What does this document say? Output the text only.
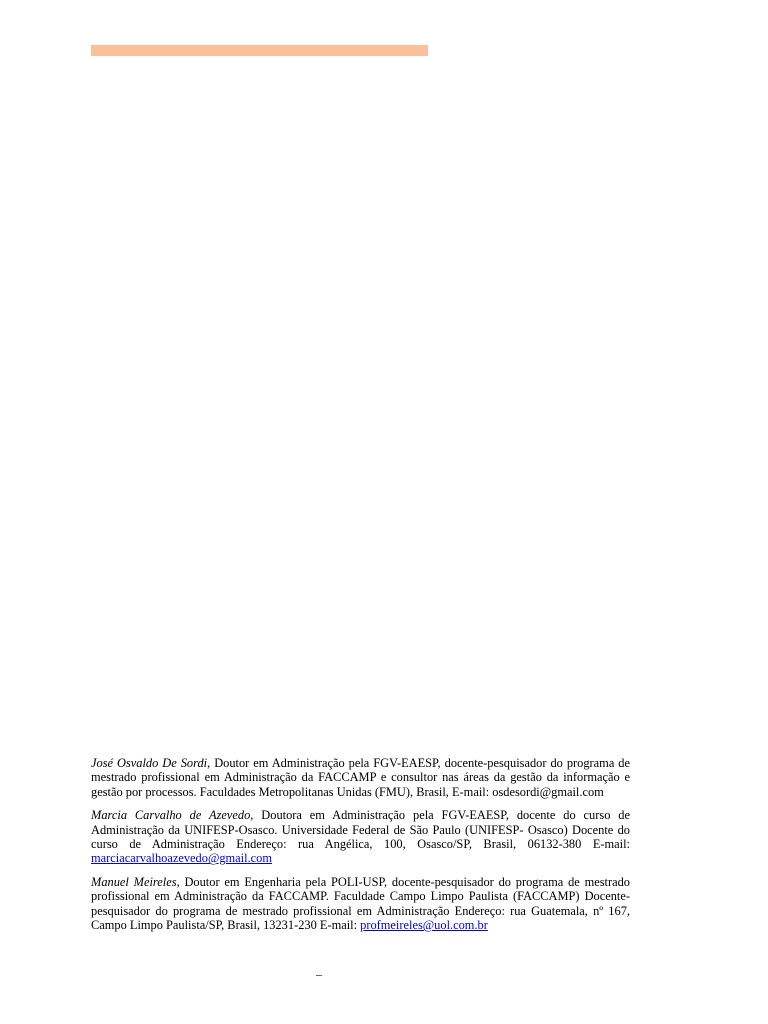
José Osvaldo De Sordi, Doutor em Administração pela FGV-EAESP, docente-pesquisador do programa de mestrado profissional em Administração da FACCAMP e consultor nas áreas da gestão da informação e gestão por processos. Faculdades Metropolitanas Unidas (FMU), Brasil, E-mail: osdesordi@gmail.com

Marcia Carvalho de Azevedo, Doutora em Administração pela FGV-EAESP, docente do curso de Administração da UNIFESP-Osasco. Universidade Federal de São Paulo (UNIFESP- Osasco) Docente do curso de Administração Endereço: rua Angélica, 100, Osasco/SP, Brasil, 06132-380 E-mail: marciacarvalhoazevedo@gmail.com

Manuel Meireles, Doutor em Engenharia pela POLI-USP, docente-pesquisador do programa de mestrado profissional em Administração da FACCAMP. Faculdade Campo Limpo Paulista (FACCAMP) Docente-pesquisador do programa de mestrado profissional em Administração Endereço: rua Guatemala, nº 167, Campo Limpo Paulista/SP, Brasil, 13231-230 E-mail: profmeireles@uol.com.br

–
